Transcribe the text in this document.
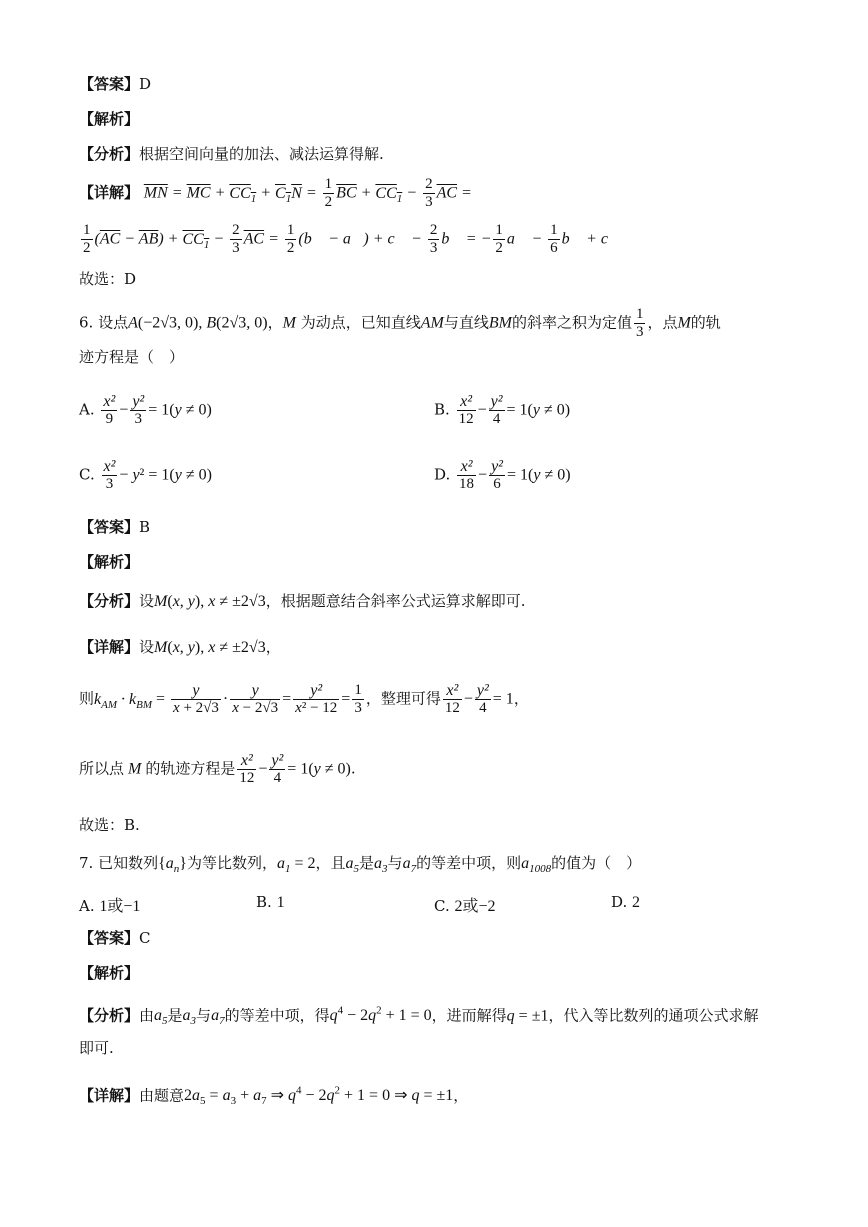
【答案】D
【解析】
【分析】根据空间向量的加法、减法运算得解.
【详解】 $\overline{MN} = \overline{MC} + CC_1 + C_1N = \frac{1}{2} \overline{BC} + CC_1 - \frac{2}{3} \overline{AC}$ =
$\frac{1}{2} (\overline{AC} - \overline{AB}) + CC_1 - \frac{2}{3} \overline{AC} = \frac{1}{2}$ (b⃗ − a⃗) + c⃗ − $\frac{2}{3}$ b⃗ = − $\frac{1}{2}$ a⃗ − $\frac{1}{6}$ b⃗ + c⃗
故选：D
6. 设点A(−2√3, 0), B(2√3, 0)，M 为动点，已知直线AM与直线BM的斜率之积为定值 $\frac{1}{3}$ ，点M的轨
迹方程是（　）
A. $\frac{\text{x²}}{9} - \frac{\text{y²}}{3} = 1(y \ne 0)$	B. $\frac{\text{x²}}{12} - \frac{\text{y²}}{4} = 1(y \ne 0)$
C. $\frac{\text{x²}}{3} - y^2 = 1(y \ne 0)$	D. $\frac{\text{x²}}{18} - \frac{\text{y²}}{6} = 1(y \ne 0)$
【答案】B
【解析】
【分析】设M(x, y), x ≠ ±2√3，根据题意结合斜率公式运算求解即可.
【详解】设M(x, y), x ≠ ±2√3，
则$k_{AM} \cdot k_{BM} = \frac{y}{x + 2√3} \cdot \frac{y}{x - 2√3} = \frac{\text{y²}}{\text{x² − 12}} = \frac{1}{3}$ ，整理可得 $\frac{\text{x²}}{12} - \frac{\text{y²}}{4} = 1$，
所以点 M 的轨迹方程是 $\frac{\text{x²}}{12} - \frac{\text{y²}}{4} = 1(y \ne 0)$.
故选：B.
7. 已知数列$\{a_n\}$为等比数列，$a_1 = 2$，且$a_5$是$a_3$与$a_7$的等差中项，则$a_{1008}$的值为（　）
A. 1或−1	B. 1	C. 2或−2	D. 2
【答案】C
【解析】
【分析】由$a_5$是$a_3$与$a_7$的等差中项，得$q^4 - 2q^2 + 1 = 0$，进而解得q = ±1，代入等比数列的通项公式求解
即可.
【详解】由题意$2a_5 = a_3 + a_7$ ⇒ $q^4 - 2q^2 + 1 = 0$ ⇒ q = ±1，
